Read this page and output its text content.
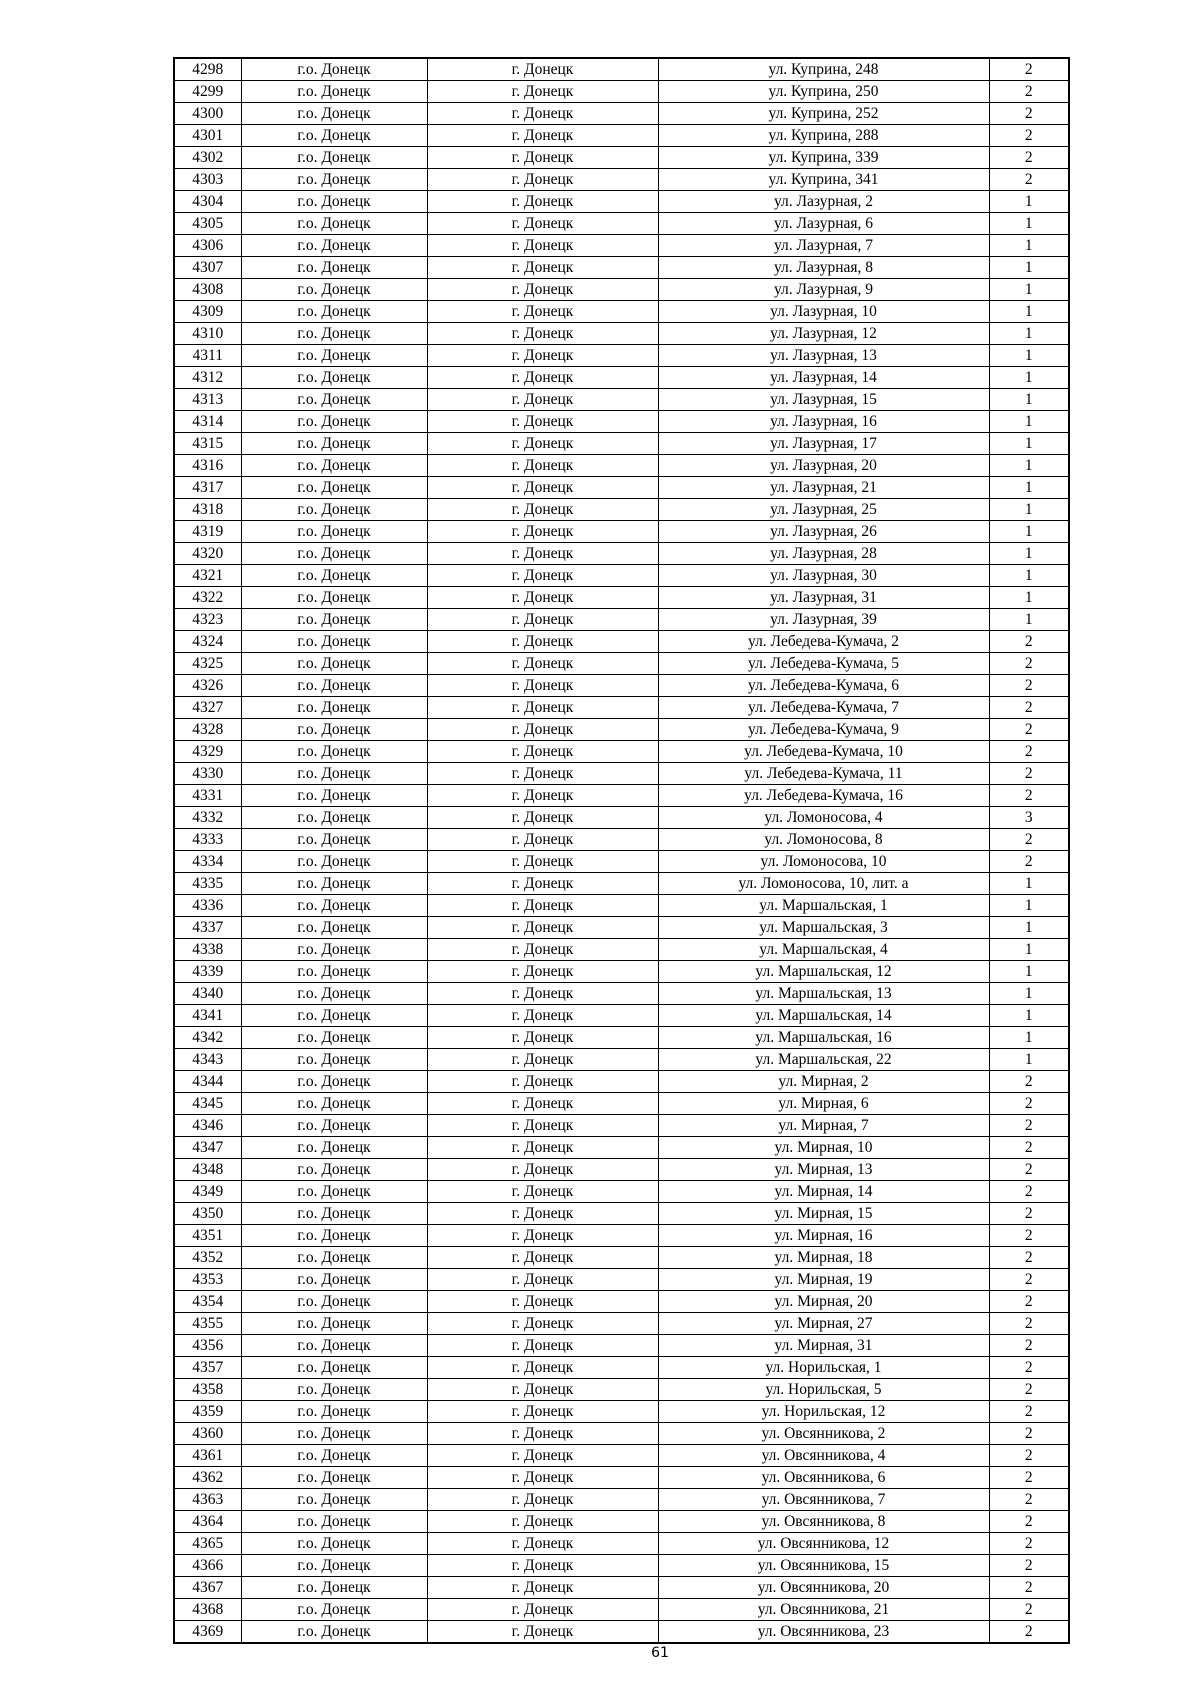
4298	г.о. Донецк	г. Донецк	ул. Куприна, 248	2
4299	г.о. Донецк	г. Донецк	ул. Куприна, 250	2
4300	г.о. Донецк	г. Донецк	ул. Куприна, 252	2
4301	г.о. Донецк	г. Донецк	ул. Куприна, 288	2
4302	г.о. Донецк	г. Донецк	ул. Куприна, 339	2
4303	г.о. Донецк	г. Донецк	ул. Куприна, 341	2
4304	г.о. Донецк	г. Донецк	ул. Лазурная, 2	1
4305	г.о. Донецк	г. Донецк	ул. Лазурная, 6	1
4306	г.о. Донецк	г. Донецк	ул. Лазурная, 7	1
4307	г.о. Донецк	г. Донецк	ул. Лазурная, 8	1
4308	г.о. Донецк	г. Донецк	ул. Лазурная, 9	1
4309	г.о. Донецк	г. Донецк	ул. Лазурная, 10	1
4310	г.о. Донецк	г. Донецк	ул. Лазурная, 12	1
4311	г.о. Донецк	г. Донецк	ул. Лазурная, 13	1
4312	г.о. Донецк	г. Донецк	ул. Лазурная, 14	1
4313	г.о. Донецк	г. Донецк	ул. Лазурная, 15	1
4314	г.о. Донецк	г. Донецк	ул. Лазурная, 16	1
4315	г.о. Донецк	г. Донецк	ул. Лазурная, 17	1
4316	г.о. Донецк	г. Донецк	ул. Лазурная, 20	1
4317	г.о. Донецк	г. Донецк	ул. Лазурная, 21	1
4318	г.о. Донецк	г. Донецк	ул. Лазурная, 25	1
4319	г.о. Донецк	г. Донецк	ул. Лазурная, 26	1
4320	г.о. Донецк	г. Донецк	ул. Лазурная, 28	1
4321	г.о. Донецк	г. Донецк	ул. Лазурная, 30	1
4322	г.о. Донецк	г. Донецк	ул. Лазурная, 31	1
4323	г.о. Донецк	г. Донецк	ул. Лазурная, 39	1
4324	г.о. Донецк	г. Донецк	ул. Лебедева-Кумача, 2	2
4325	г.о. Донецк	г. Донецк	ул. Лебедева-Кумача, 5	2
4326	г.о. Донецк	г. Донецк	ул. Лебедева-Кумача, 6	2
4327	г.о. Донецк	г. Донецк	ул. Лебедева-Кумача, 7	2
4328	г.о. Донецк	г. Донецк	ул. Лебедева-Кумача, 9	2
4329	г.о. Донецк	г. Донецк	ул. Лебедева-Кумача, 10	2
4330	г.о. Донецк	г. Донецк	ул. Лебедева-Кумача, 11	2
4331	г.о. Донецк	г. Донецк	ул. Лебедева-Кумача, 16	2
4332	г.о. Донецк	г. Донецк	ул. Ломоносова, 4	3
4333	г.о. Донецк	г. Донецк	ул. Ломоносова, 8	2
4334	г.о. Донецк	г. Донецк	ул. Ломоносова, 10	2
4335	г.о. Донецк	г. Донецк	ул. Ломоносова, 10, лит. а	1
4336	г.о. Донецк	г. Донецк	ул. Маршальская, 1	1
4337	г.о. Донецк	г. Донецк	ул. Маршальская, 3	1
4338	г.о. Донецк	г. Донецк	ул. Маршальская, 4	1
4339	г.о. Донецк	г. Донецк	ул. Маршальская, 12	1
4340	г.о. Донецк	г. Донецк	ул. Маршальская, 13	1
4341	г.о. Донецк	г. Донецк	ул. Маршальская, 14	1
4342	г.о. Донецк	г. Донецк	ул. Маршальская, 16	1
4343	г.о. Донецк	г. Донецк	ул. Маршальская, 22	1
4344	г.о. Донецк	г. Донецк	ул. Мирная, 2	2
4345	г.о. Донецк	г. Донецк	ул. Мирная, 6	2
4346	г.о. Донецк	г. Донецк	ул. Мирная, 7	2
4347	г.о. Донецк	г. Донецк	ул. Мирная, 10	2
4348	г.о. Донецк	г. Донецк	ул. Мирная, 13	2
4349	г.о. Донецк	г. Донецк	ул. Мирная, 14	2
4350	г.о. Донецк	г. Донецк	ул. Мирная, 15	2
4351	г.о. Донецк	г. Донецк	ул. Мирная, 16	2
4352	г.о. Донецк	г. Донецк	ул. Мирная, 18	2
4353	г.о. Донецк	г. Донецк	ул. Мирная, 19	2
4354	г.о. Донецк	г. Донецк	ул. Мирная, 20	2
4355	г.о. Донецк	г. Донецк	ул. Мирная, 27	2
4356	г.о. Донецк	г. Донецк	ул. Мирная, 31	2
4357	г.о. Донецк	г. Донецк	ул. Норильская, 1	2
4358	г.о. Донецк	г. Донецк	ул. Норильская, 5	2
4359	г.о. Донецк	г. Донецк	ул. Норильская, 12	2
4360	г.о. Донецк	г. Донецк	ул. Овсянникова, 2	2
4361	г.о. Донецк	г. Донецк	ул. Овсянникова, 4	2
4362	г.о. Донецк	г. Донецк	ул. Овсянникова, 6	2
4363	г.о. Донецк	г. Донецк	ул. Овсянникова, 7	2
4364	г.о. Донецк	г. Донецк	ул. Овсянникова, 8	2
4365	г.о. Донецк	г. Донецк	ул. Овсянникова, 12	2
4366	г.о. Донецк	г. Донецк	ул. Овсянникова, 15	2
4367	г.о. Донецк	г. Донецк	ул. Овсянникова, 20	2
4368	г.о. Донецк	г. Донецк	ул. Овсянникова, 21	2
4369	г.о. Донецк	г. Донецк	ул. Овсянникова, 23	2
61
